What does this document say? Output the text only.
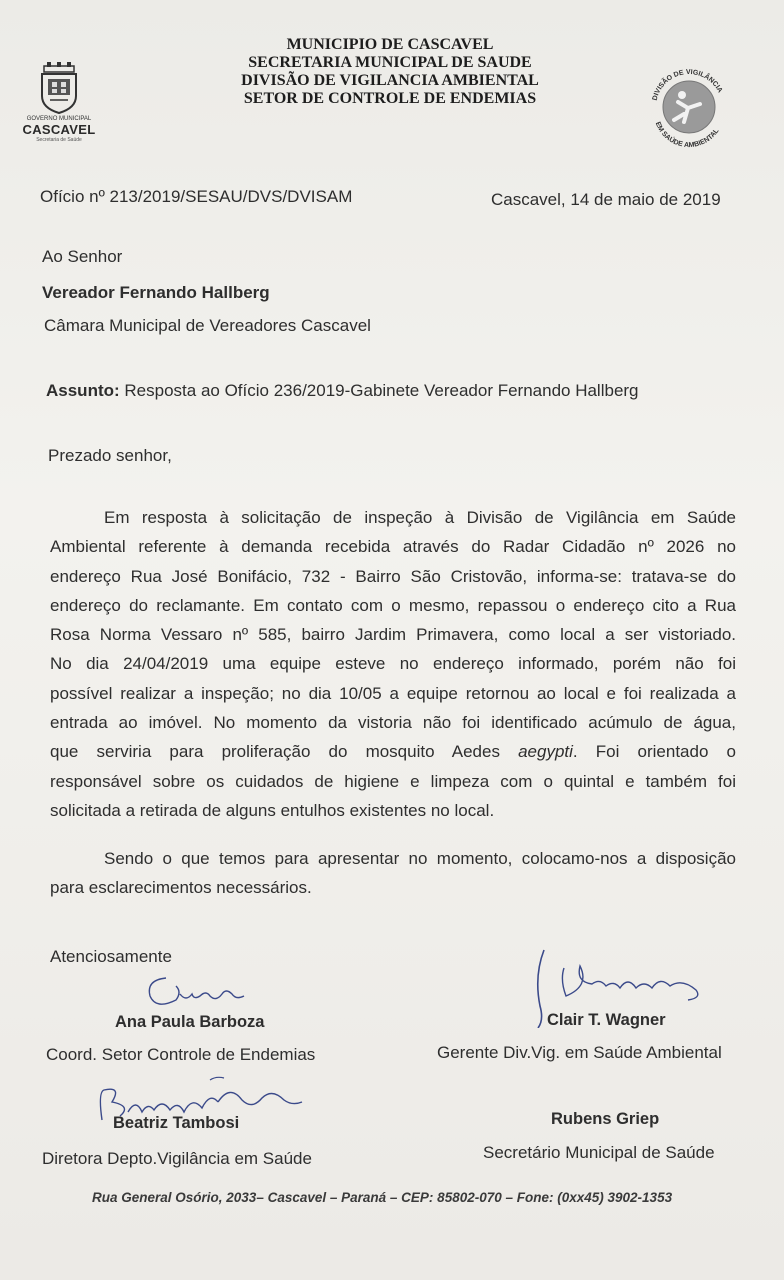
GOVERNO MUNICIPAL
CASCAVEL
Secretaria de Saúde
MUNICIPIO DE CASCAVEL
SECRETARIA MUNICIPAL DE SAUDE
DIVISÃO DE VIGILANCIA AMBIENTAL
SETOR DE CONTROLE DE ENDEMIAS	DIVISÃO DE VIGILÂNCIA
EM SAÚDE AMBIENTAL
Ofício nº 213/2019/SESAU/DVS/DVISAM	Cascavel, 14 de maio de 2019
Ao Senhor
Vereador Fernando Hallberg
Câmara Municipal de Vereadores Cascavel
Assunto: Resposta ao Ofício 236/2019-Gabinete Vereador Fernando Hallberg
Prezado senhor,
Em resposta à solicitação de inspeção à Divisão de Vigilância em Saúde
Ambiental referente à demanda recebida através do Radar Cidadão nº 2026 no
endereço Rua José Bonifácio, 732 - Bairro São Cristovão, informa-se: tratava-se do
endereço do reclamante. Em contato com o mesmo, repassou o endereço cito a Rua
Rosa Norma Vessaro nº 585, bairro Jardim Primavera, como local a ser vistoriado.
No dia 24/04/2019 uma equipe esteve no endereço informado, porém não foi
possível realizar a inspeção; no dia 10/05 a equipe retornou ao local e foi realizada a
entrada ao imóvel. No momento da vistoria não foi identificado acúmulo de água,
que serviria para proliferação do mosquito Aedes aegypti. Foi orientado o
responsável sobre os cuidados de higiene e limpeza com o quintal e também foi
solicitada a retirada de alguns entulhos existentes no local.
Sendo o que temos para apresentar no momento, colocamo-nos a disposição
para esclarecimentos necessários.
Atenciosamente
Ana Paula Barboza
Coord. Setor Controle de Endemias
Clair T. Wagner
Gerente Div.Vig. em Saúde Ambiental
Beatriz Tambosi
Diretora Depto.Vigilância em Saúde
Rubens Griep
Secretário Municipal de Saúde
Rua General Osório, 2033– Cascavel – Paraná – CEP: 85802-070 – Fone: (0xx45) 3902-1353
